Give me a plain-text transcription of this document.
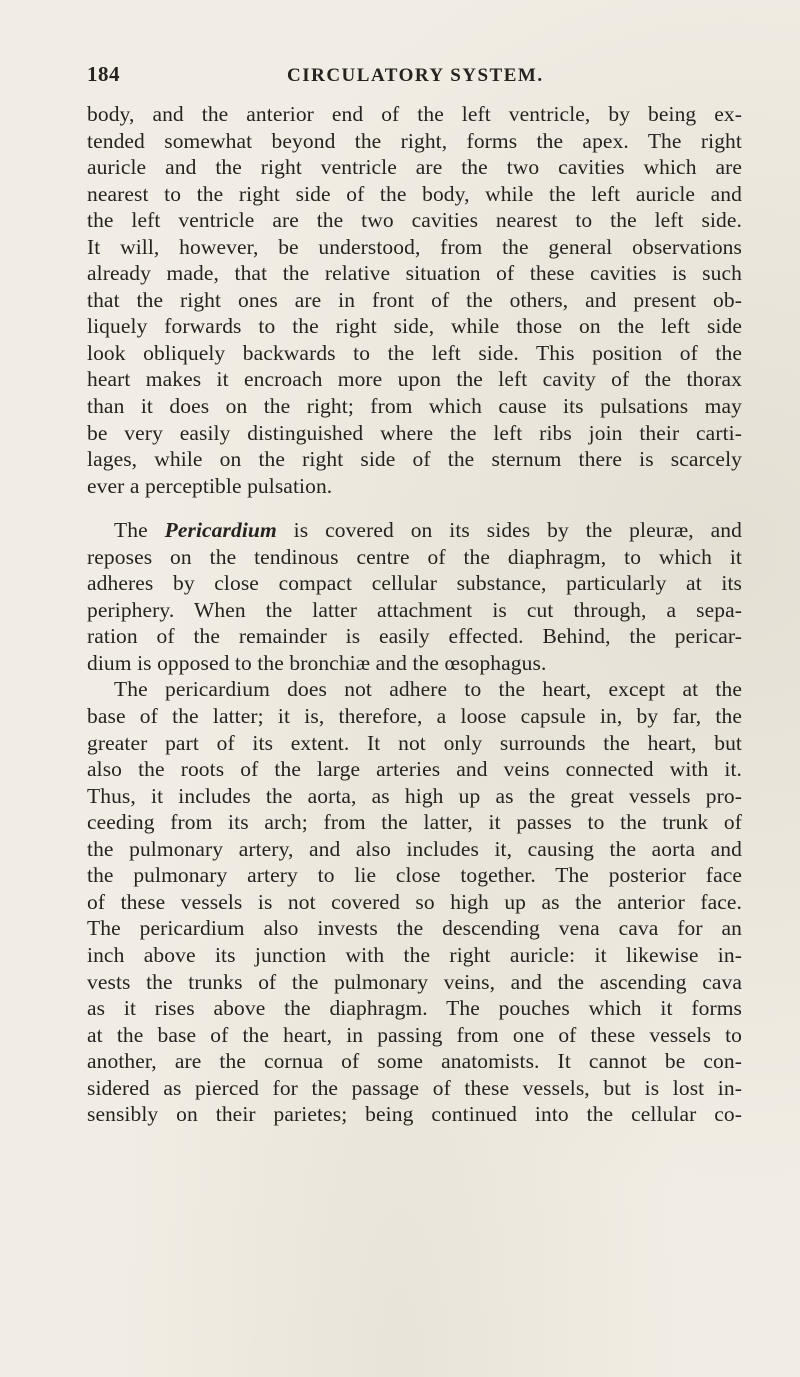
184	CIRCULATORY SYSTEM.
body, and the anterior end of the left ventricle, by being ex-
tended somewhat beyond the right, forms the apex. The right
auricle and the right ventricle are the two cavities which are
nearest to the right side of the body, while the left auricle and
the left ventricle are the two cavities nearest to the left side.
It will, however, be understood, from the general observations
already made, that the relative situation of these cavities is such
that the right ones are in front of the others, and present ob-
liquely forwards to the right side, while those on the left side
look obliquely backwards to the left side. This position of the
heart makes it encroach more upon the left cavity of the thorax
than it does on the right; from which cause its pulsations may
be very easily distinguished where the left ribs join their carti-
lages, while on the right side of the sternum there is scarcely
ever a perceptible pulsation.
The Pericardium is covered on its sides by the pleuræ, and
reposes on the tendinous centre of the diaphragm, to which it
adheres by close compact cellular substance, particularly at its
periphery. When the latter attachment is cut through, a sepa-
ration of the remainder is easily effected. Behind, the pericar-
dium is opposed to the bronchiæ and the œsophagus.
The pericardium does not adhere to the heart, except at the
base of the latter; it is, therefore, a loose capsule in, by far, the
greater part of its extent. It not only surrounds the heart, but
also the roots of the large arteries and veins connected with it.
Thus, it includes the aorta, as high up as the great vessels pro-
ceeding from its arch; from the latter, it passes to the trunk of
the pulmonary artery, and also includes it, causing the aorta and
the pulmonary artery to lie close together. The posterior face
of these vessels is not covered so high up as the anterior face.
The pericardium also invests the descending vena cava for an
inch above its junction with the right auricle: it likewise in-
vests the trunks of the pulmonary veins, and the ascending cava
as it rises above the diaphragm. The pouches which it forms
at the base of the heart, in passing from one of these vessels to
another, are the cornua of some anatomists. It cannot be con-
sidered as pierced for the passage of these vessels, but is lost in-
sensibly on their parietes; being continued into the cellular co-
